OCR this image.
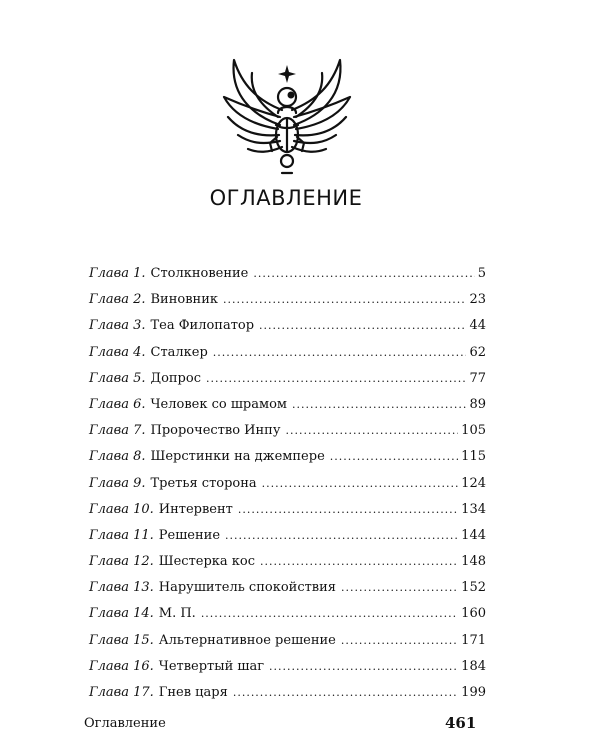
ОГЛАВЛЕНИЕ
Глава 1. Столкновение .....	5
Глава 2. Виновник .....	23
Глава 3. Теа Филопатор .....	44
Глава 4. Сталкер .....	62
Глава 5. Допрос .....	77
Глава 6. Человек со шрамом .....	89
Глава 7. Пророчество Инпу .....	105
Глава 8. Шерстинки на джемпере .....	115
Глава 9. Третья сторона .....	124
Глава 10. Интервент .....	134
Глава 11. Решение .....	144
Глава 12. Шестерка кос .....	148
Глава 13. Нарушитель спокойствия .....	152
Глава 14. М. П. .....	160
Глава 15. Альтернативное решение .....	171
Глава 16. Четвертый шаг .....	184
Глава 17. Гнев царя .....	199
Оглавление	461
